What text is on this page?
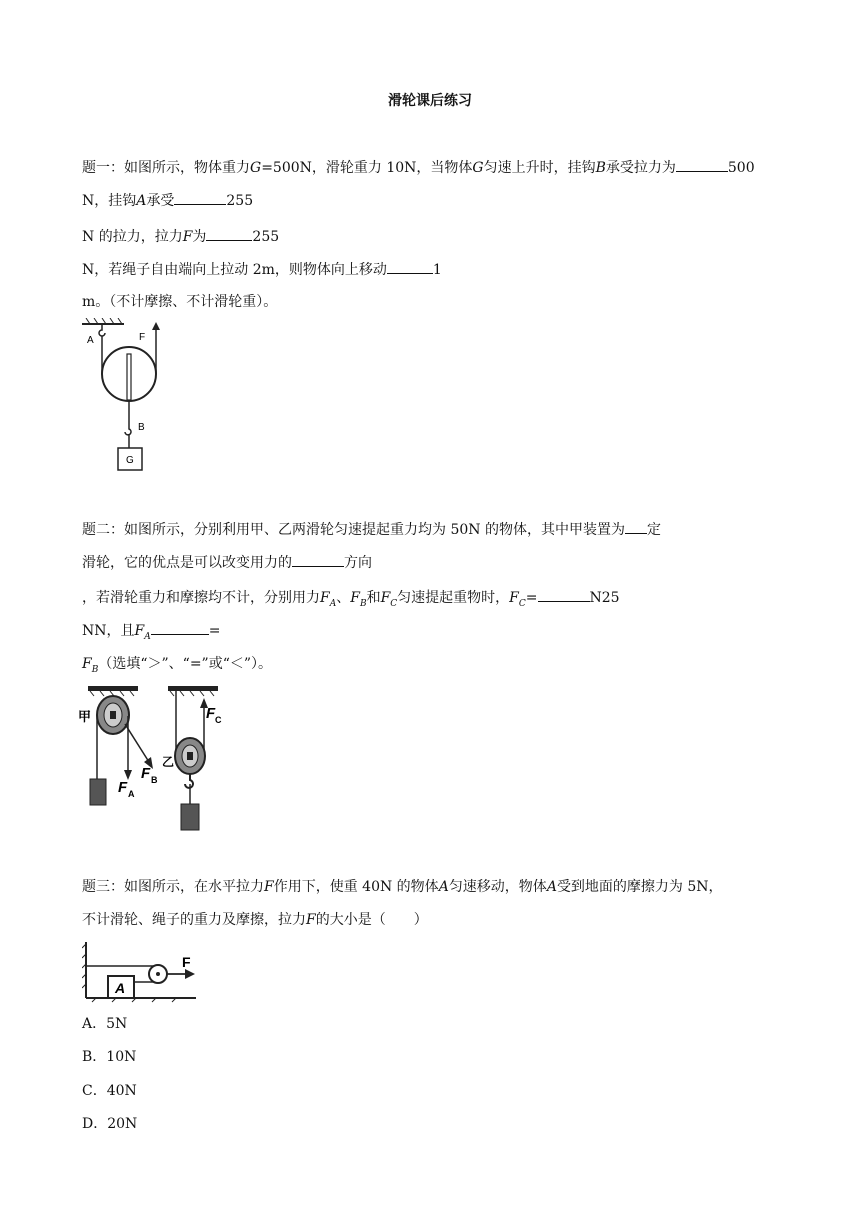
滑轮课后练习
题一：如图所示，物体重力G=500N，滑轮重力 10N，当物体G匀速上升时，挂钩B承受拉力为	500
N，挂钩A承受	255
N 的拉力，拉力F为	255
N，若绳子自由端向上拉动 2m，则物体向上移动	1
m。（不计摩擦、不计滑轮重）。
A	F
B
G
题二：如图所示，分别利用甲、乙两滑轮匀速提起重力均为 50N 的物体，其中甲装置为 定
滑轮，它的优点是可以改变用力的	方向
，若滑轮重力和摩擦均不计，分别用力$F_A$、$F_B$和$F_C$匀速提起重物时，$F_C=$	N25
NN，且$F_A$	=
$F_B$（选填“＞”、“=”或“＜”）。
甲
F A
F B
乙
F C
题三：如图所示，在水平拉力F作用下，使重 40N 的物体A匀速移动，物体A受到地面的摩擦力为 5N，
不计滑轮、绳子的重力及摩擦，拉力F的大小是（　　）
F
A
A．5N
B．10N
C．40N
D．20N
